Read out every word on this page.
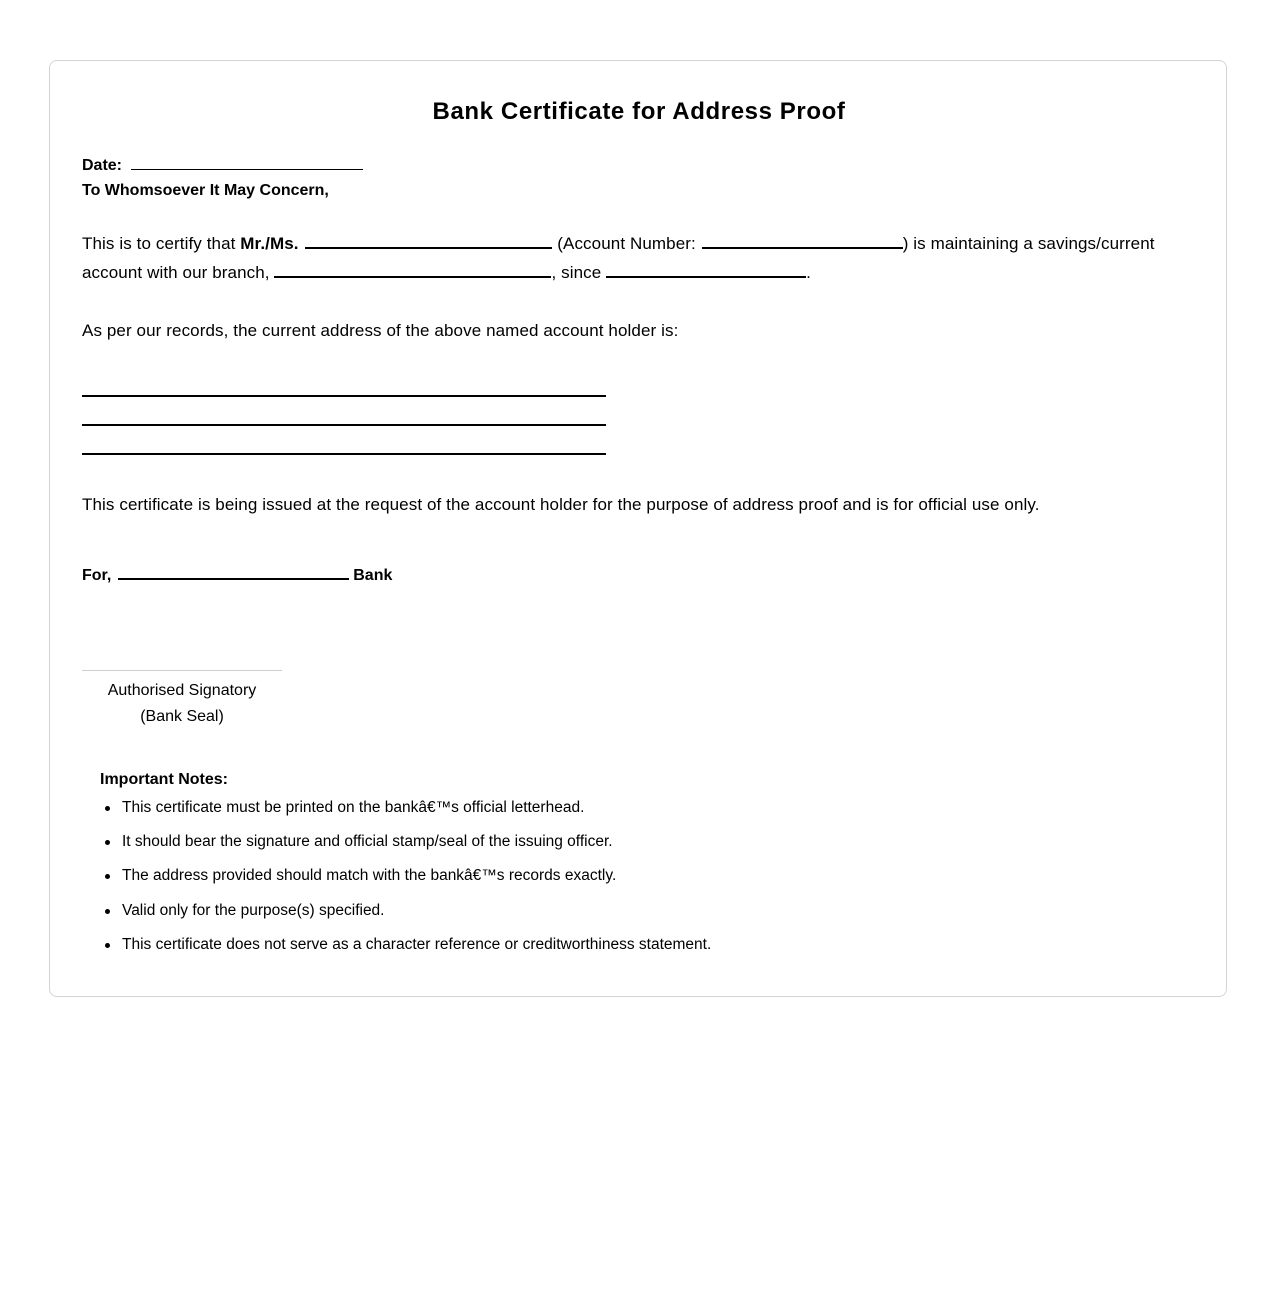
Bank Certificate for Address Proof
Date:
To Whomsoever It May Concern,
This is to certify that Mr./Ms.	(Account Number:	) is maintaining a savings/current
account with our branch,	, since	.
As per our records, the current address of the above named account holder is:
This certificate is being issued at the request of the account holder for the purpose of address proof and is for official use only.
For,	Bank
Authorised Signatory
(Bank Seal)
Important Notes:
This certificate must be printed on the bankâ€™s official letterhead.
It should bear the signature and official stamp/seal of the issuing officer.
The address provided should match with the bankâ€™s records exactly.
Valid only for the purpose(s) specified.
This certificate does not serve as a character reference or creditworthiness statement.
